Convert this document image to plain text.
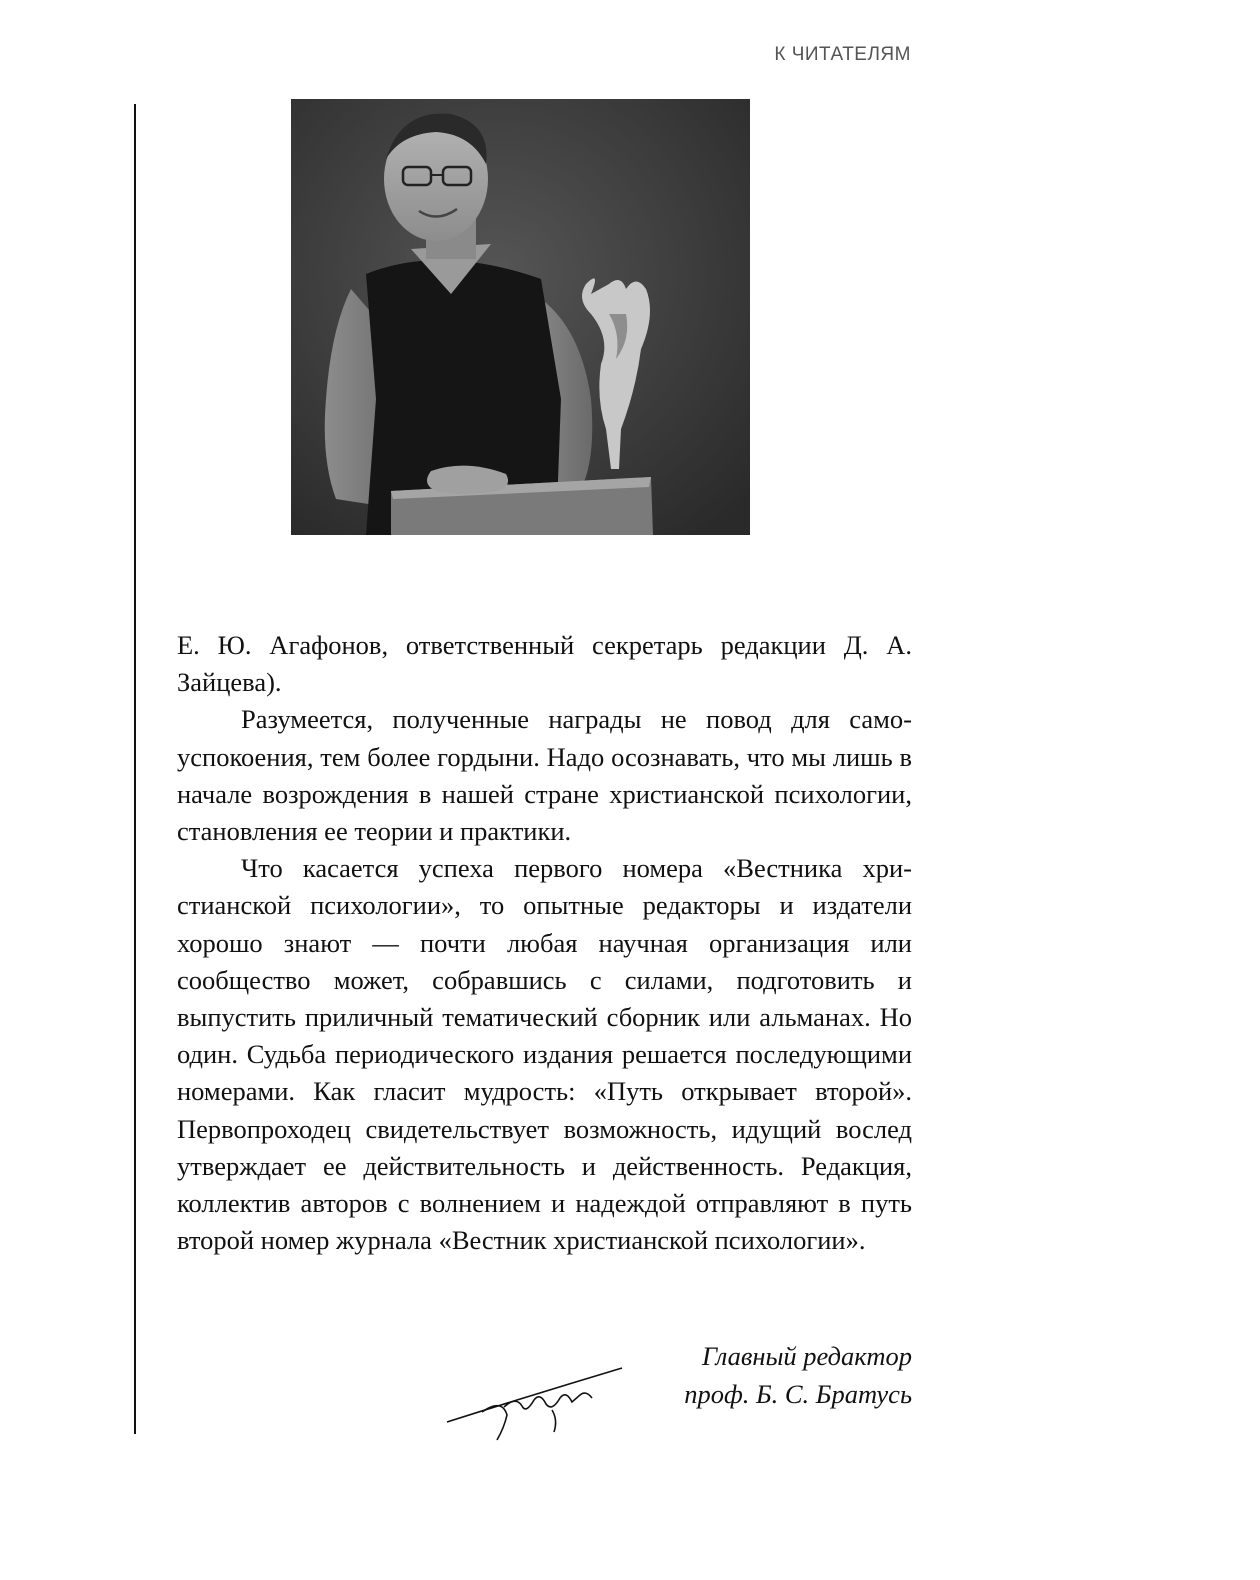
К ЧИТАТЕЛЯМ

Е. Ю. Агафонов, ответственный секретарь редакции Д. А. Зайцева).

Разумеется, полученные награды не повод для самоуспокоения, тем более гордыни. Надо осознавать, что мы лишь в начале возрождения в нашей стране христианской психологии, становления ее теории и практики.

Что касается успеха первого номера «Вестника христианской психологии», то опытные редакторы и издатели хорошо знают — почти любая научная организация или сообщество может, собравшись с силами, подготовить и выпустить приличный тематический сборник или альманах. Но один. Судьба периодического издания решается последующими номерами. Как гласит мудрость: «Путь открывает второй». Первопроходец свидетельствует возможность, идущий вослед утверждает ее действительность и действенность. Редакция, коллектив авторов с волнением и надеждой отправляют в путь второй номер журнала «Вестник христианской психологии».

Главный редактор
проф. Б. С. Братусь
